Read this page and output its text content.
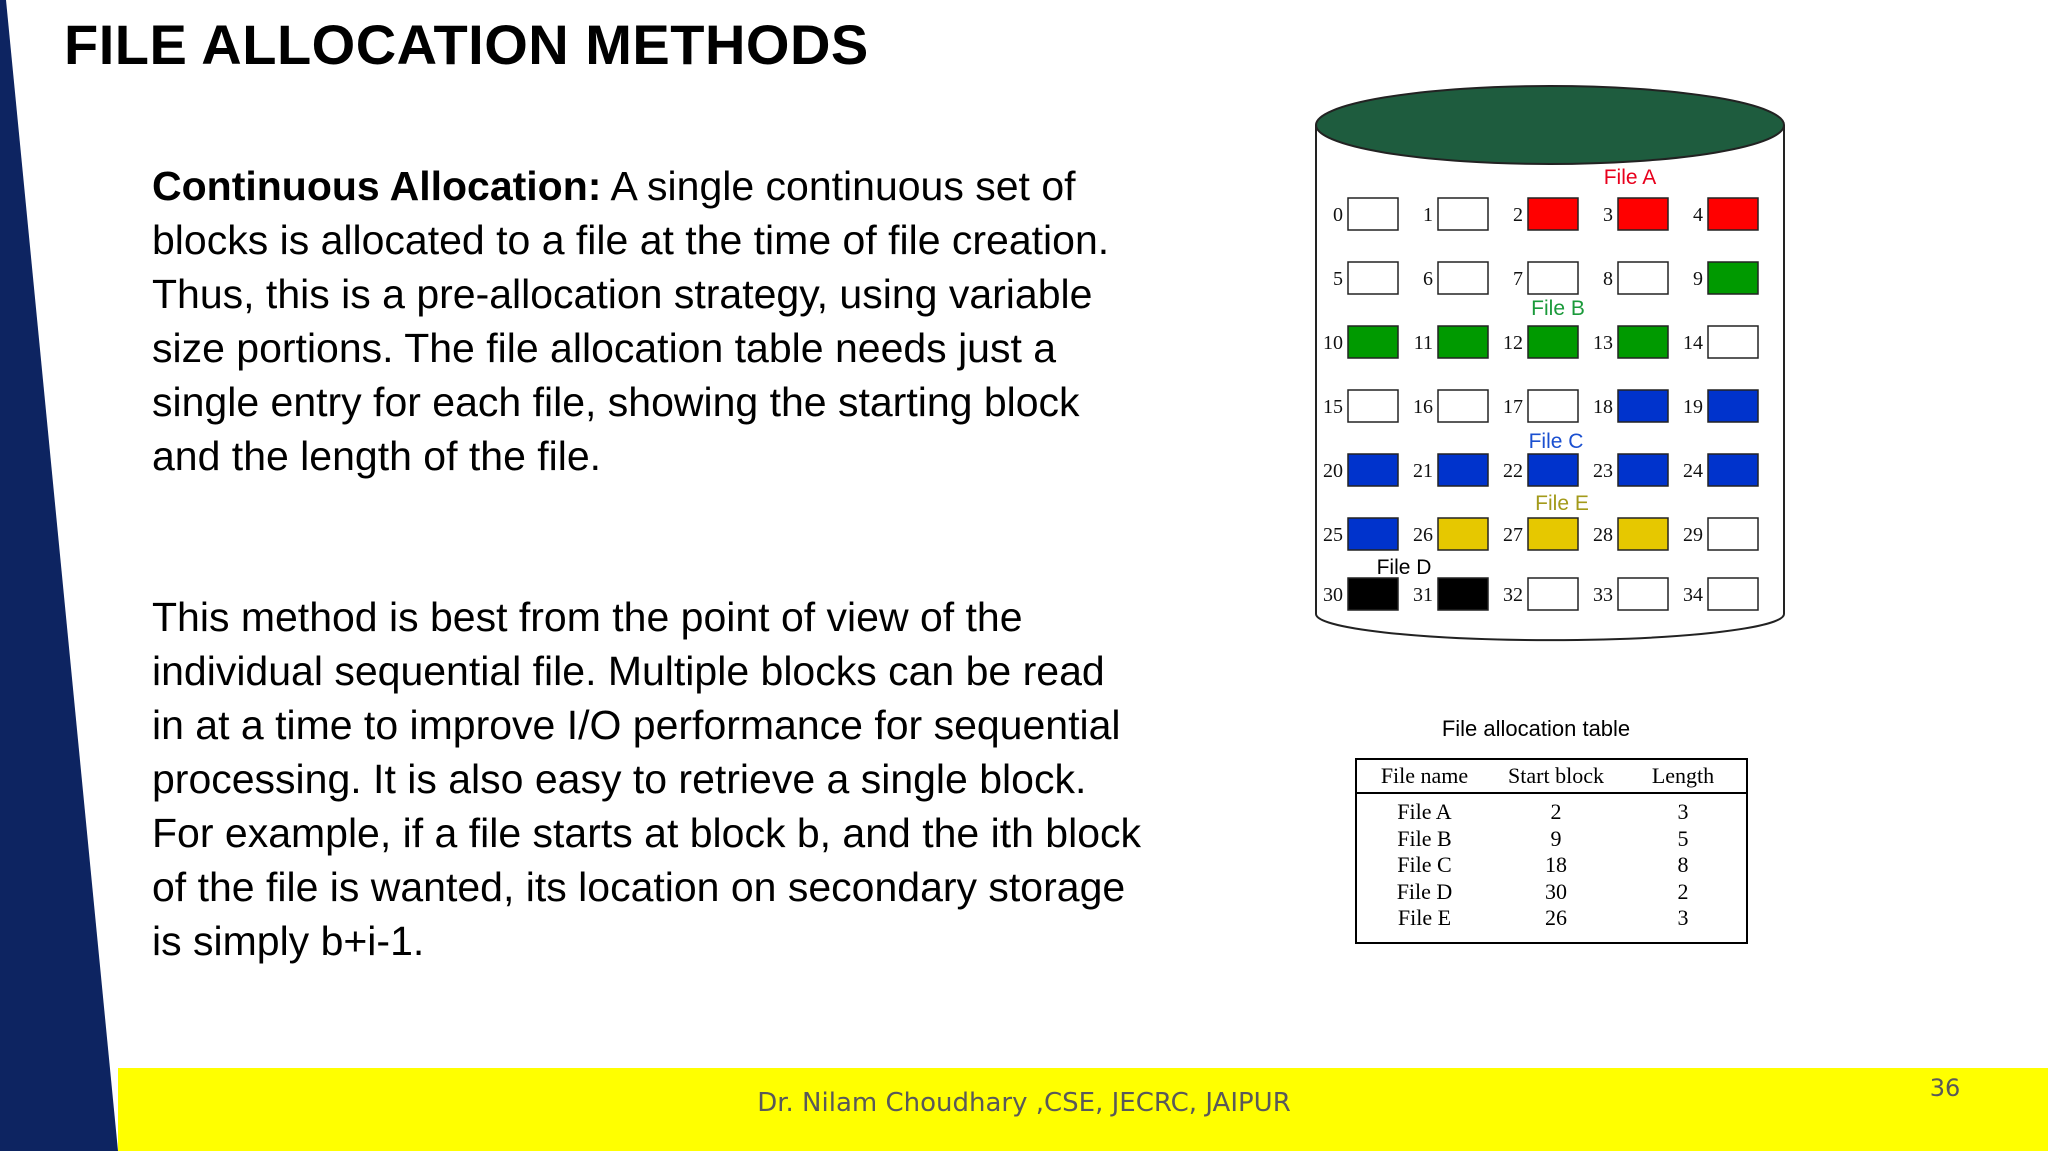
Dr. Nilam Choudhary ,CSE, JECRC, JAIPUR	36
FILE ALLOCATION METHODS

Continuous Allocation: A single continuous set of blocks is allocated to a file at the time of file creation. Thus, this is a pre-allocation strategy, using variable size portions. The file allocation table needs just a single entry for each file, showing the starting block and the length of the file.

This method is best from the point of view of the individual sequential file. Multiple blocks can be read in at a time to improve I/O performance for sequential processing. It is also easy to retrieve a single block. For example, if a file starts at block b, and the ith block of the file is wanted, its location on secondary storage is simply b+i-1.

0	1	2	3	4
5	6	7	8	9
10	11	12	13	14
15	16	17	18	19
20	21	22	23	24
25	26	27	28	29
30	31	32	33	34
File A
File B
File C
File E
File D
File allocation table
File name	Start block	Length
File A	2	3
File B	9	5
File C	18	8
File D	30	2
File E	26	3
